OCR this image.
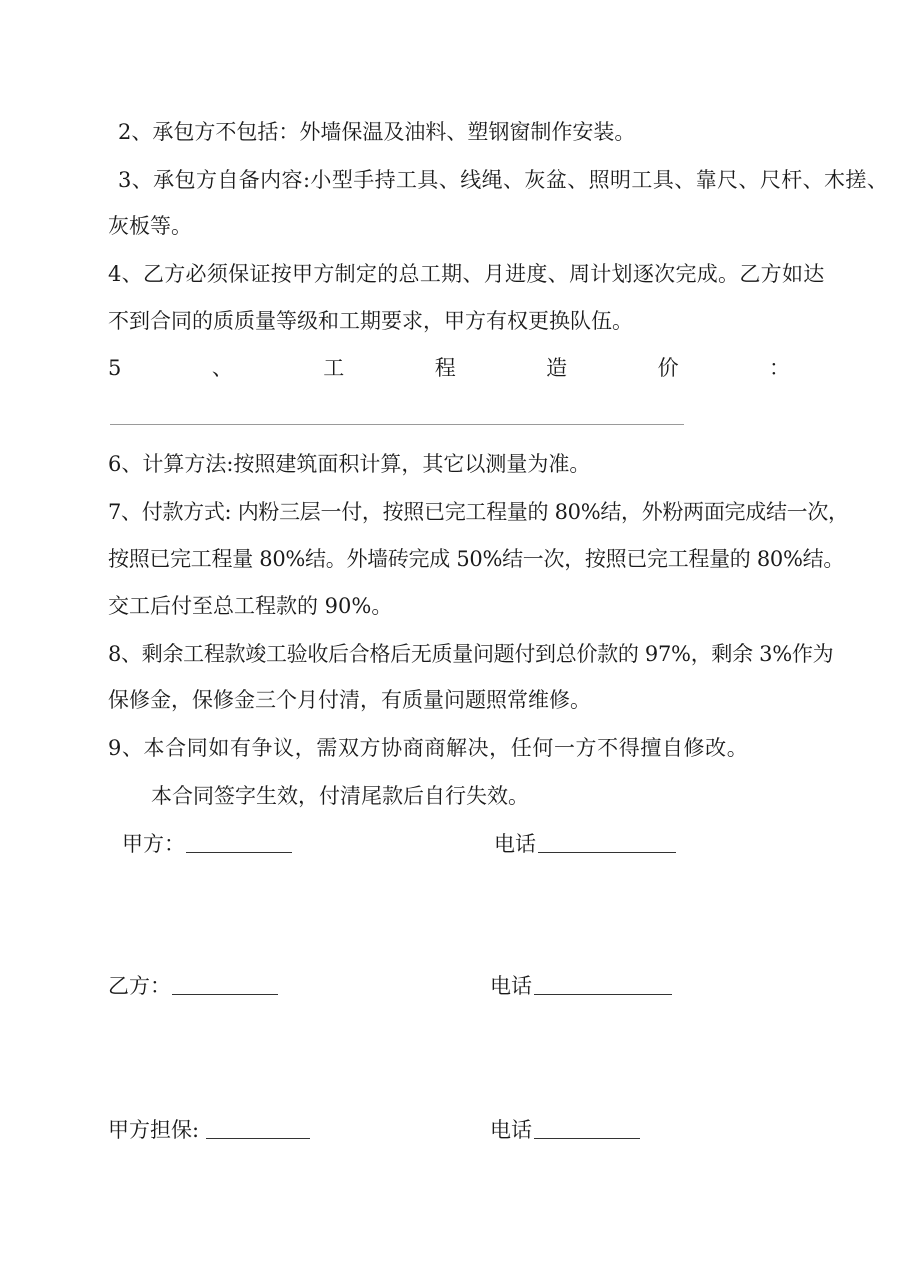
2、承包方不包括：外墙保温及油料、塑钢窗制作安装。
3、承包方自备内容:小型手持工具、线绳、灰盆、照明工具、靠尺、尺杆、木搓、
灰板等。
4、乙方必须保证按甲方制定的总工期、月进度、周计划逐次完成。乙方如达
不到合同的质质量等级和工期要求，甲方有权更换队伍。
5	、	工	程	造	价	：
6、计算方法:按照建筑面积计算，其它以测量为准。
7、付款方式: 内粉三层一付，按照已完工程量的 80%结，外粉两面完成结一次，
按照已完工程量 80%结。外墙砖完成 50%结一次，按照已完工程量的 80%结。
交工后付至总工程款的 90%。
8、剩余工程款竣工验收后合格后无质量问题付到总价款的 97%，剩余 3%作为
保修金，保修金三个月付清，有质量问题照常维修。
9、本合同如有争议，需双方协商商解决，任何一方不得擅自修改。
本合同签字生效，付清尾款后自行失效。
甲方：	电话
乙方：	电话
甲方担保:	电话
